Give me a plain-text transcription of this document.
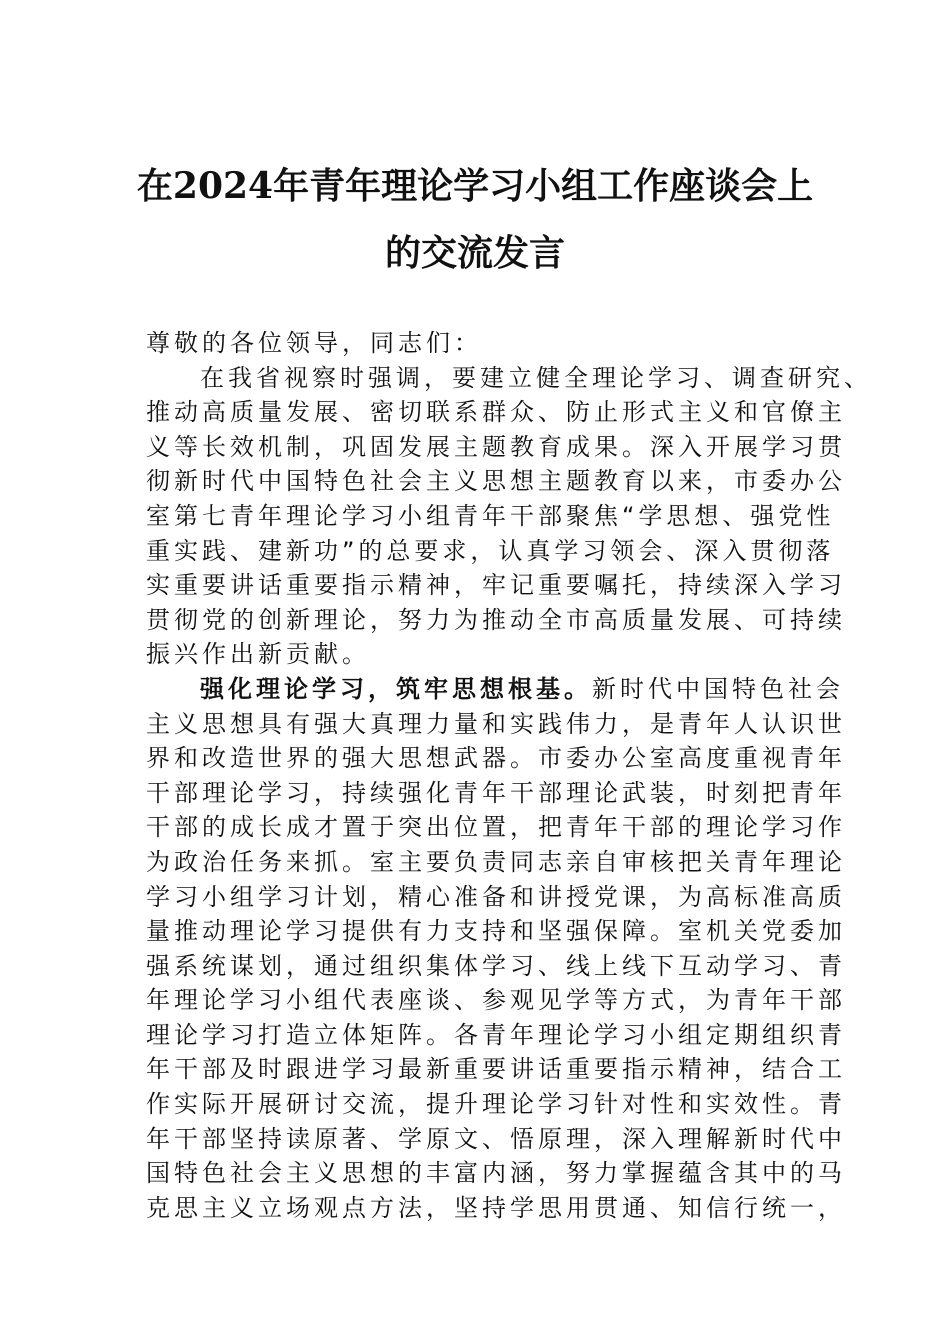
在2024年青年理论学习小组工作座谈会上
的交流发言
尊敬的各位领导，同志们：
在我省视察时强调，要建立健全理论学习、调查研究、
推动高质量发展、密切联系群众、防止形式主义和官僚主
义等长效机制，巩固发展主题教育成果。深入开展学习贯
彻新时代中国特色社会主义思想主题教育以来，市委办公
室第七青年理论学习小组青年干部聚焦“学思想、强党性
重实践、建新功”的总要求，认真学习领会、深入贯彻落
实重要讲话重要指示精神，牢记重要嘱托，持续深入学习
贯彻党的创新理论，努力为推动全市高质量发展、可持续
振兴作出新贡献。
强化理论学习，筑牢思想根基。新时代中国特色社会
主义思想具有强大真理力量和实践伟力，是青年人认识世
界和改造世界的强大思想武器。市委办公室高度重视青年
干部理论学习，持续强化青年干部理论武装，时刻把青年
干部的成长成才置于突出位置，把青年干部的理论学习作
为政治任务来抓。室主要负责同志亲自审核把关青年理论
学习小组学习计划，精心准备和讲授党课，为高标准高质
量推动理论学习提供有力支持和坚强保障。室机关党委加
强系统谋划，通过组织集体学习、线上线下互动学习、青
年理论学习小组代表座谈、参观见学等方式，为青年干部
理论学习打造立体矩阵。各青年理论学习小组定期组织青
年干部及时跟进学习最新重要讲话重要指示精神，结合工
作实际开展研讨交流，提升理论学习针对性和实效性。青
年干部坚持读原著、学原文、悟原理，深入理解新时代中
国特色社会主义思想的丰富内涵，努力掌握蕴含其中的马
克思主义立场观点方法，坚持学思用贯通、知信行统一，
